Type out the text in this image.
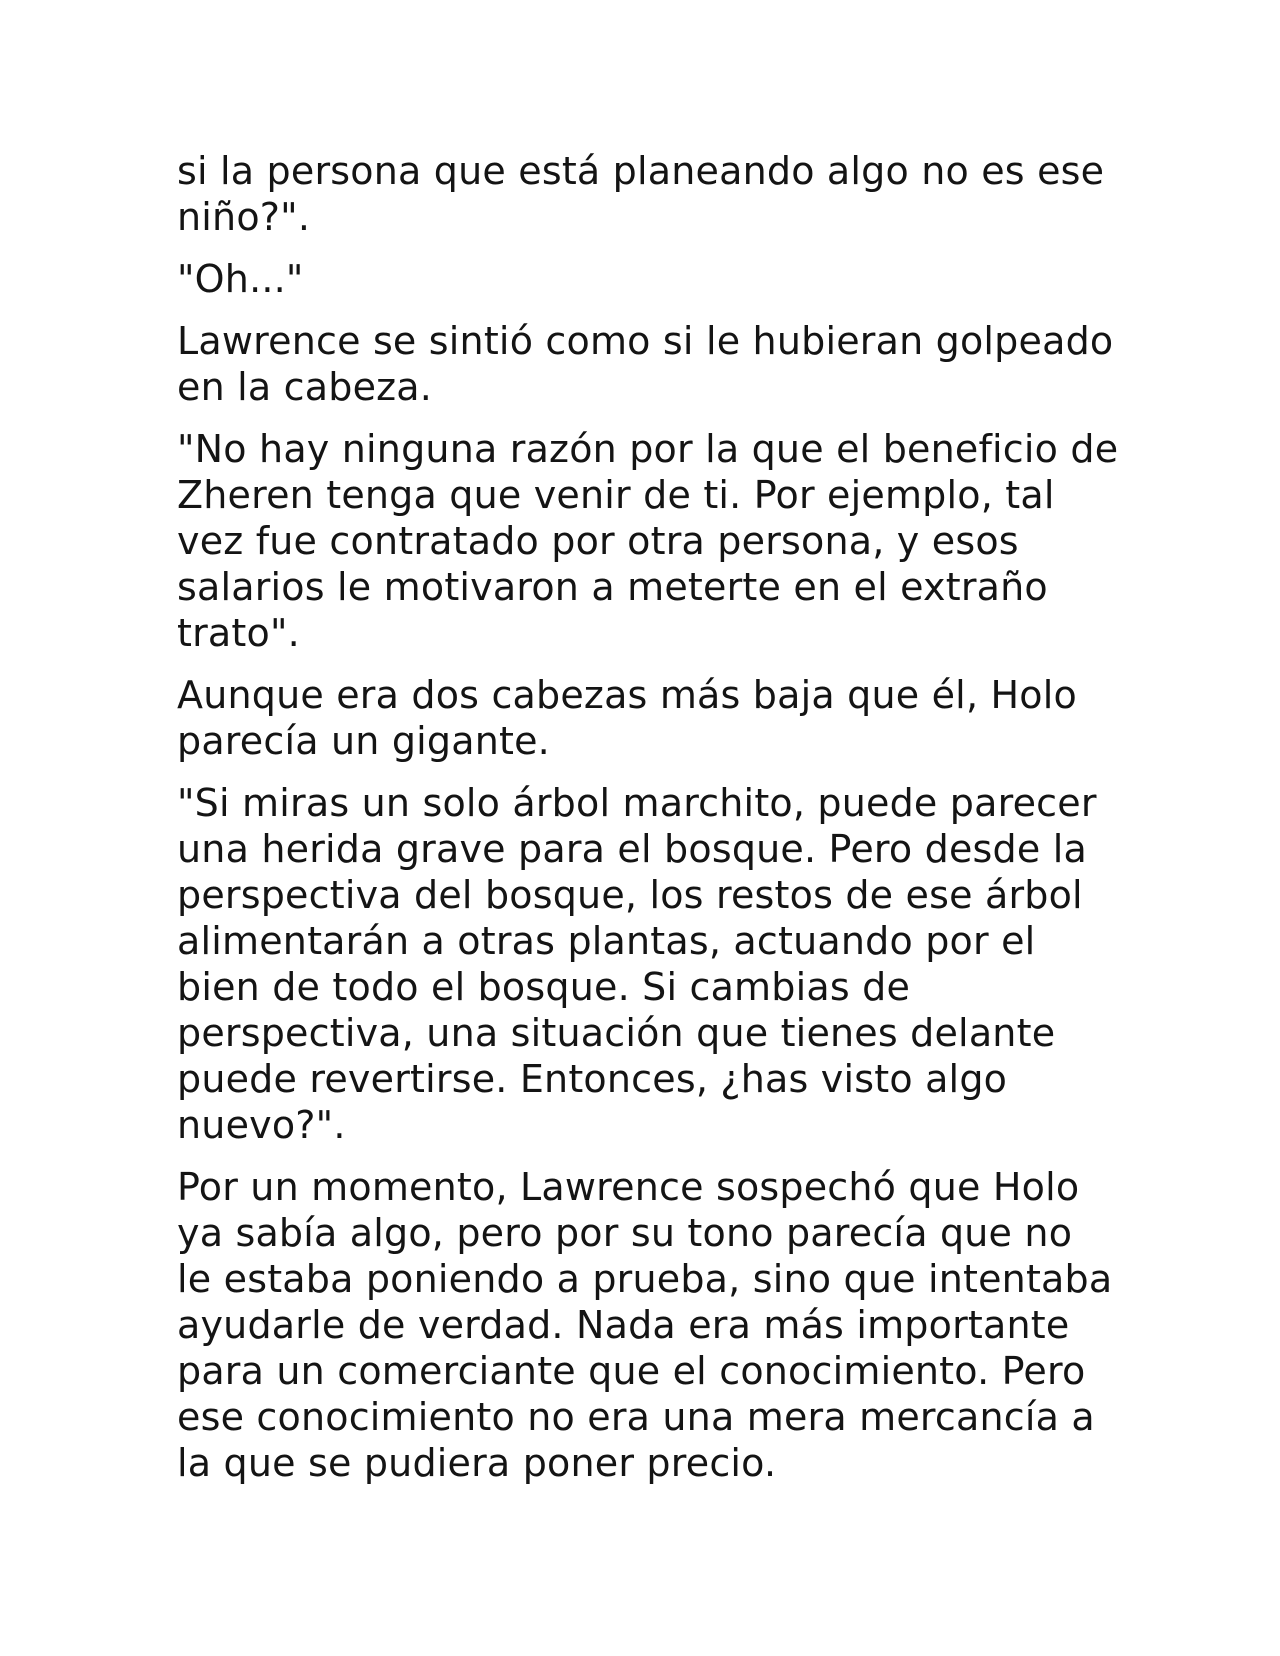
si la persona que está planeando algo no es ese
niño?".

"Oh..."

Lawrence se sintió como si le hubieran golpeado
en la cabeza.

"No hay ninguna razón por la que el beneficio de
Zheren tenga que venir de ti. Por ejemplo, tal
vez fue contratado por otra persona, y esos
salarios le motivaron a meterte en el extraño
trato".

Aunque era dos cabezas más baja que él, Holo
parecía un gigante.

"Si miras un solo árbol marchito, puede parecer
una herida grave para el bosque. Pero desde la
perspectiva del bosque, los restos de ese árbol
alimentarán a otras plantas, actuando por el
bien de todo el bosque. Si cambias de
perspectiva, una situación que tienes delante
puede revertirse. Entonces, ¿has visto algo
nuevo?".

Por un momento, Lawrence sospechó que Holo
ya sabía algo, pero por su tono parecía que no
le estaba poniendo a prueba, sino que intentaba
ayudarle de verdad. Nada era más importante
para un comerciante que el conocimiento. Pero
ese conocimiento no era una mera mercancía a
la que se pudiera poner precio.
